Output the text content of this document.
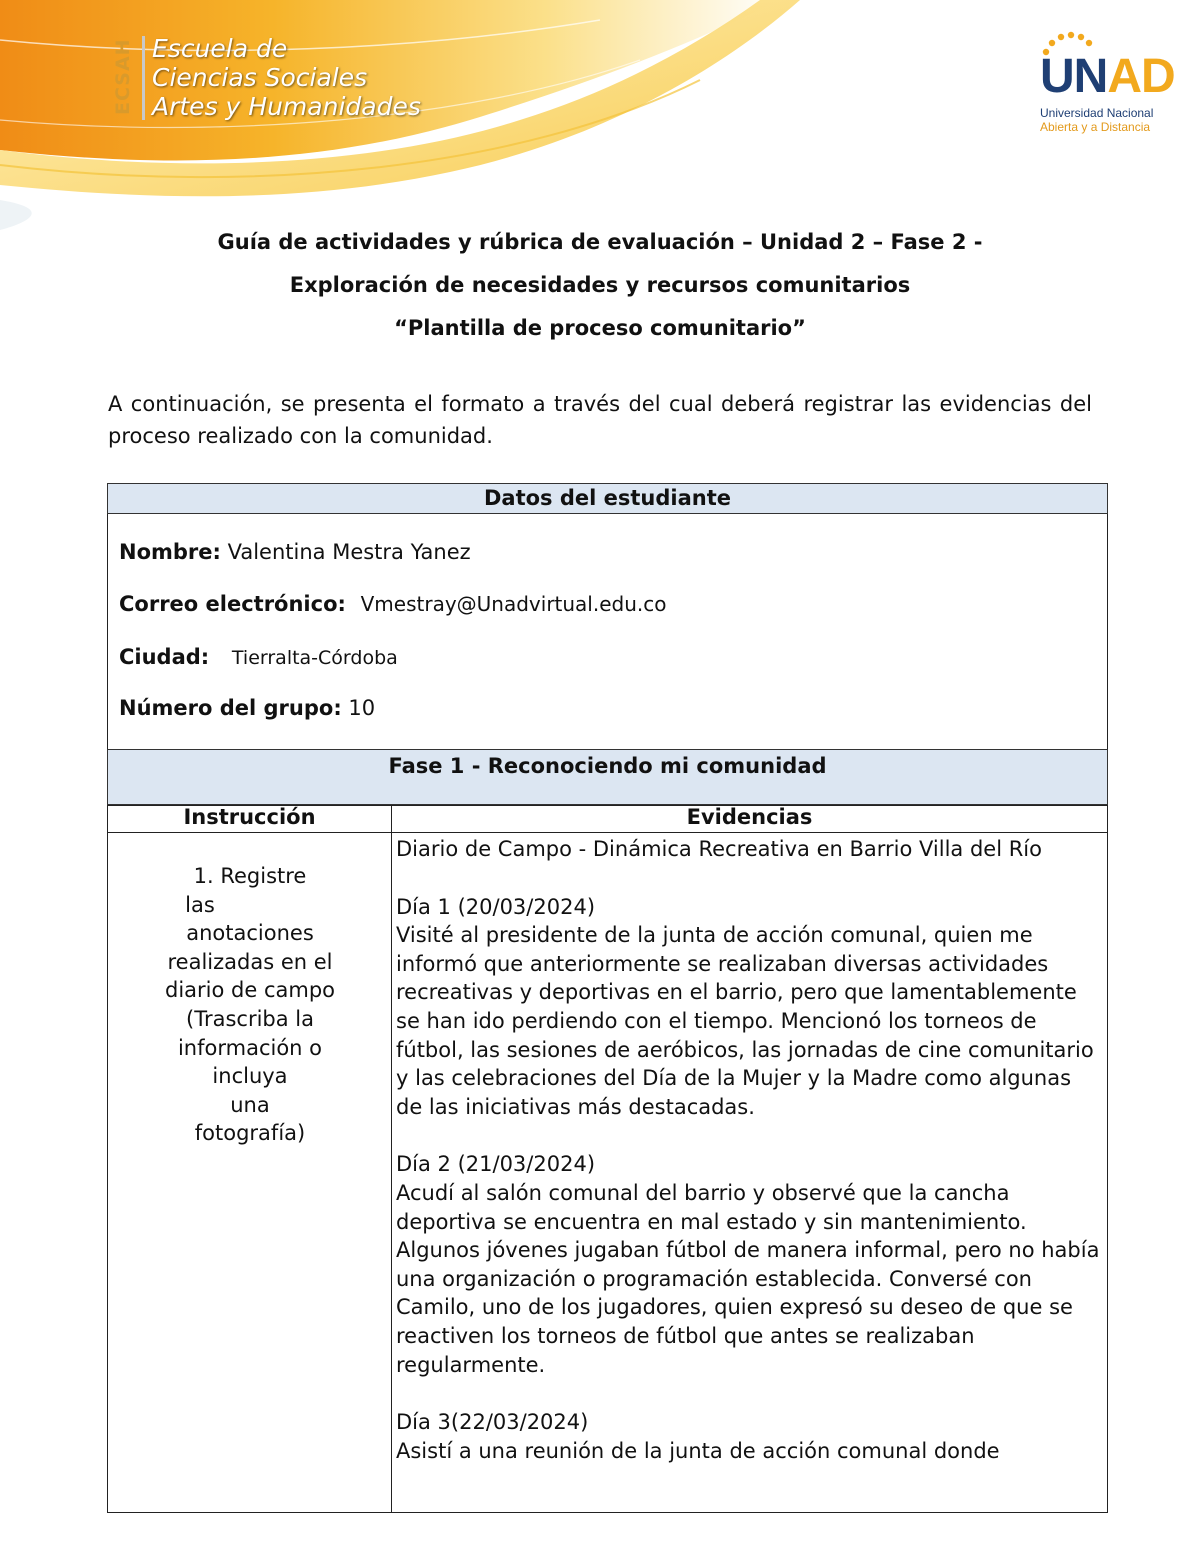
ECSAH Escuela de
Ciencias Sociales
Artes y Humanidades
UNAD
Universidad Nacional
Abierta y a Distancia
Guía de actividades y rúbrica de evaluación – Unidad 2 – Fase 2 -
Exploración de necesidades y recursos comunitarios
“Plantilla de proceso comunitario”
A continuación, se presenta el formato a través del cual deberá registrar las evidencias del proceso realizado con la comunidad.
Datos del estudiante
Nombre: Valentina Mestra Yanez
Correo electrónico: Vmestray@Unadvirtual.edu.co
Ciudad: Tierralta-Córdoba
Número del grupo: 10
Fase 1 - Reconociendo mi comunidad
Instrucción	Evidencias
1. Registre
las
anotaciones
realizadas en el
diario de campo
(Trascriba la
información o
incluya
una
fotografía)

Diario de Campo - Dinámica Recreativa en Barrio Villa del Río

Día 1 (20/03/2024)

Visité al presidente de la junta de acción comunal, quien me informó que anteriormente se realizaban diversas actividades recreativas y deportivas en el barrio, pero que lamentablemente se han ido perdiendo con el tiempo. Mencionó los torneos de fútbol, las sesiones de aeróbicos, las jornadas de cine comunitario y las celebraciones del Día de la Mujer y la Madre como algunas de las iniciativas más destacadas.

Día 2 (21/03/2024)

Acudí al salón comunal del barrio y observé que la cancha deportiva se encuentra en mal estado y sin mantenimiento. Algunos jóvenes jugaban fútbol de manera informal, pero no había una organización o programación establecida. Conversé con Camilo, uno de los jugadores, quien expresó su deseo de que se reactiven los torneos de fútbol que antes se realizaban regularmente.

Día 3(22/03/2024)

Asistí a una reunión de la junta de acción comunal donde
